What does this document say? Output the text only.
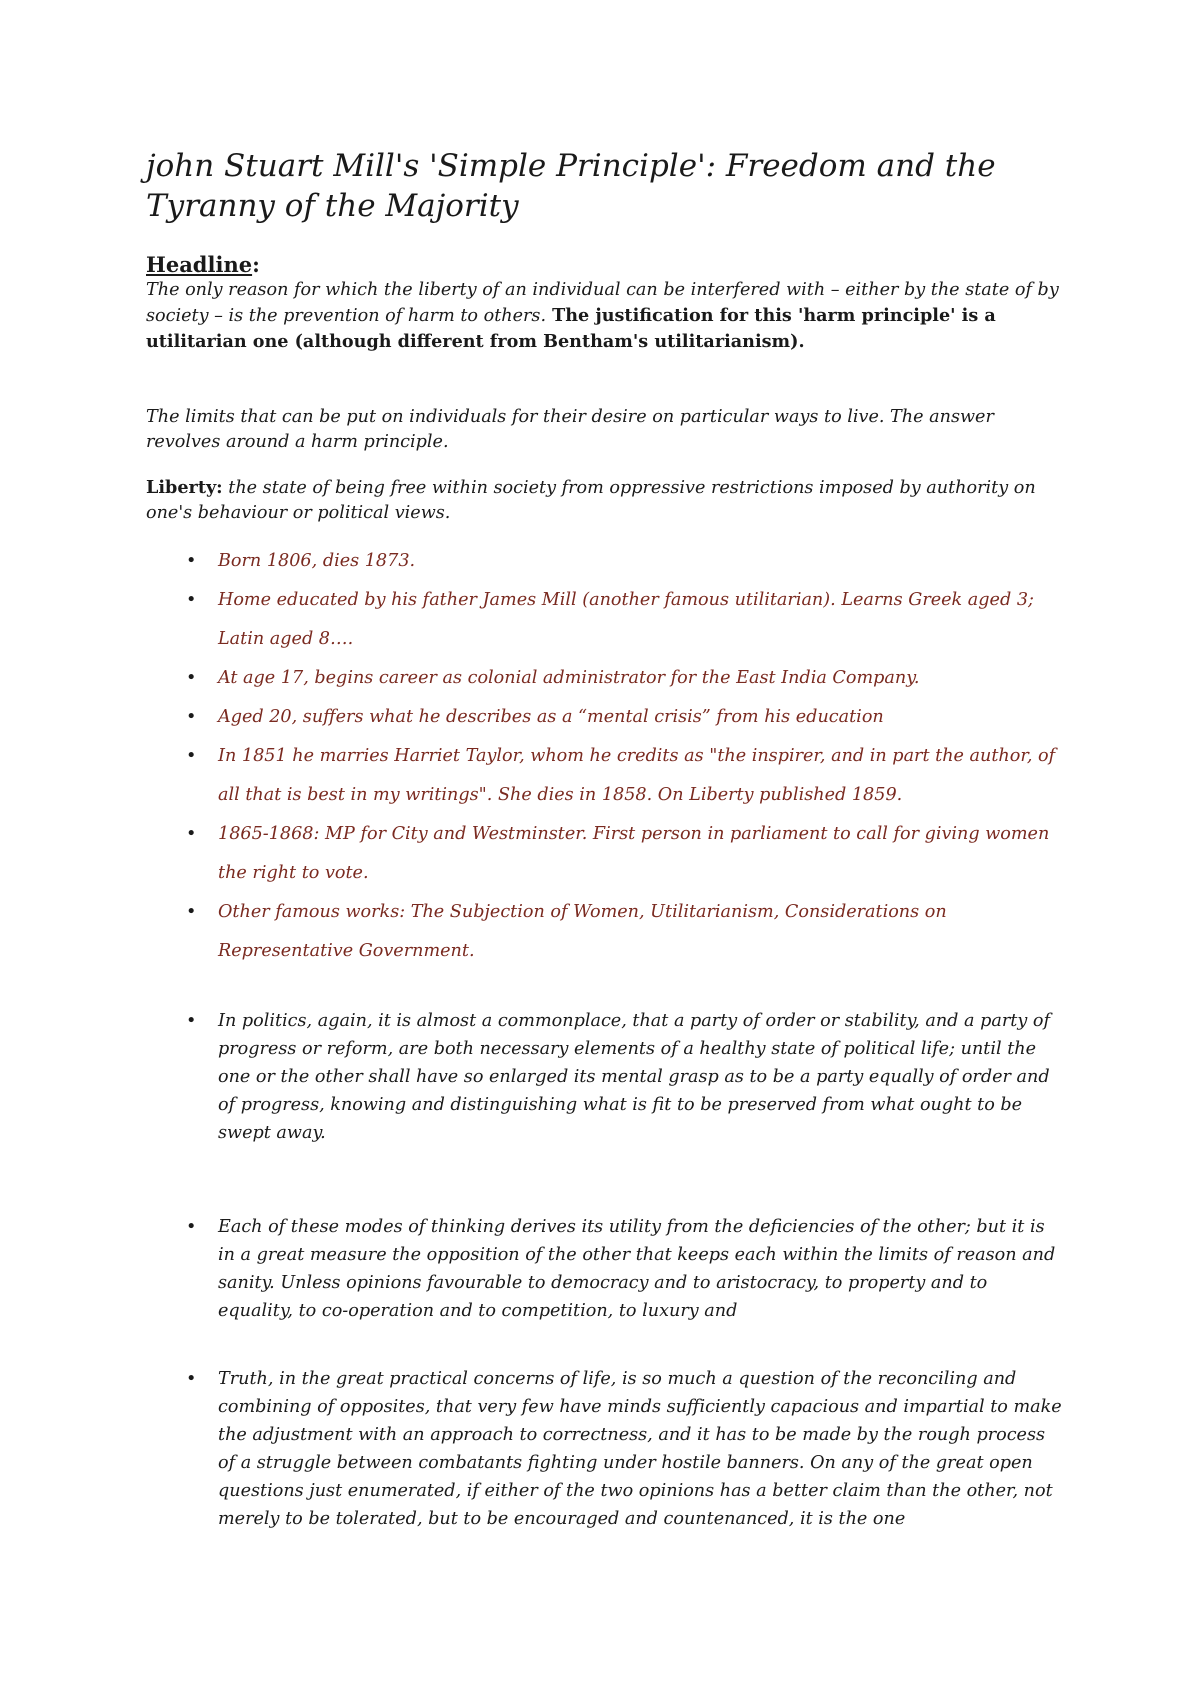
john Stuart Mill's 'Simple Principle': Freedom and the Tyranny of the Majority
Headline:

The only reason for which the liberty of an individual can be interfered with – either by the state of by society – is the prevention of harm to others. The justification for this 'harm principle' is a utilitarian one (although different from Bentham's utilitarianism).

The limits that can be put on individuals for their desire on particular ways to live. The answer revolves around a harm principle.

Liberty: the state of being free within society from oppressive restrictions imposed by authority on one's behaviour or political views.

• Born 1806, dies 1873.
• Home educated by his father James Mill (another famous utilitarian). Learns Greek aged 3; Latin aged 8….
• At age 17, begins career as colonial administrator for the East India Company.
• Aged 20, suffers what he describes as a “mental crisis” from his education
• In 1851 he marries Harriet Taylor, whom he credits as "the inspirer, and in part the author, of all that is best in my writings". She dies in 1858. On Liberty published 1859.
• 1865-1868: MP for City and Westminster. First person in parliament to call for giving women the right to vote.
• Other famous works: The Subjection of Women, Utilitarianism, Considerations on Representative Government.
• In politics, again, it is almost a commonplace, that a party of order or stability, and a party of progress or reform, are both necessary elements of a healthy state of political life; until the one or the other shall have so enlarged its mental grasp as to be a party equally of order and of progress, knowing and distinguishing what is fit to be preserved from what ought to be swept away.
• Each of these modes of thinking derives its utility from the deficiencies of the other; but it is in a great measure the opposition of the other that keeps each within the limits of reason and sanity. Unless opinions favourable to democracy and to aristocracy, to property and to equality, to co-operation and to competition, to luxury and
• Truth, in the great practical concerns of life, is so much a question of the reconciling and combining of opposites, that very few have minds sufficiently capacious and impartial to make the adjustment with an approach to correctness, and it has to be made by the rough process of a struggle between combatants fighting under hostile banners. On any of the great open questions just enumerated, if either of the two opinions has a better claim than the other, not merely to be tolerated, but to be encouraged and countenanced, it is the one
